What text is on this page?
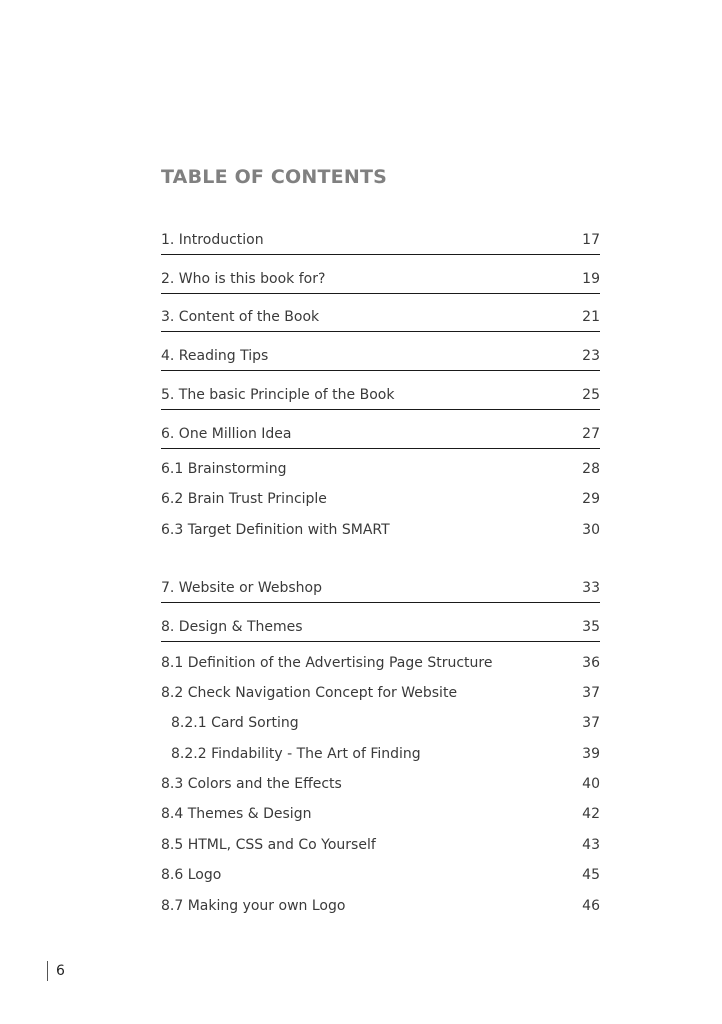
TABLE OF CONTENTS
1. Introduction	17
2. Who is this book for?	19
3. Content of the Book	21
4. Reading Tips	23
5. The basic Principle of the Book	25
6. One Million Idea	27
6.1 Brainstorming	28
6.2 Brain Trust Principle	29
6.3 Target Definition with SMART	30
7. Website or Webshop	33
8. Design & Themes	35
8.1 Definition of the Advertising Page Structure	36
8.2 Check Navigation Concept for Website	37
8.2.1 Card Sorting	37
8.2.2 Findability - The Art of Finding	39
8.3 Colors and the Effects	40
8.4 Themes & Design	42
8.5 HTML, CSS and Co Yourself	43
8.6 Logo	45
8.7 Making your own Logo	46
6
